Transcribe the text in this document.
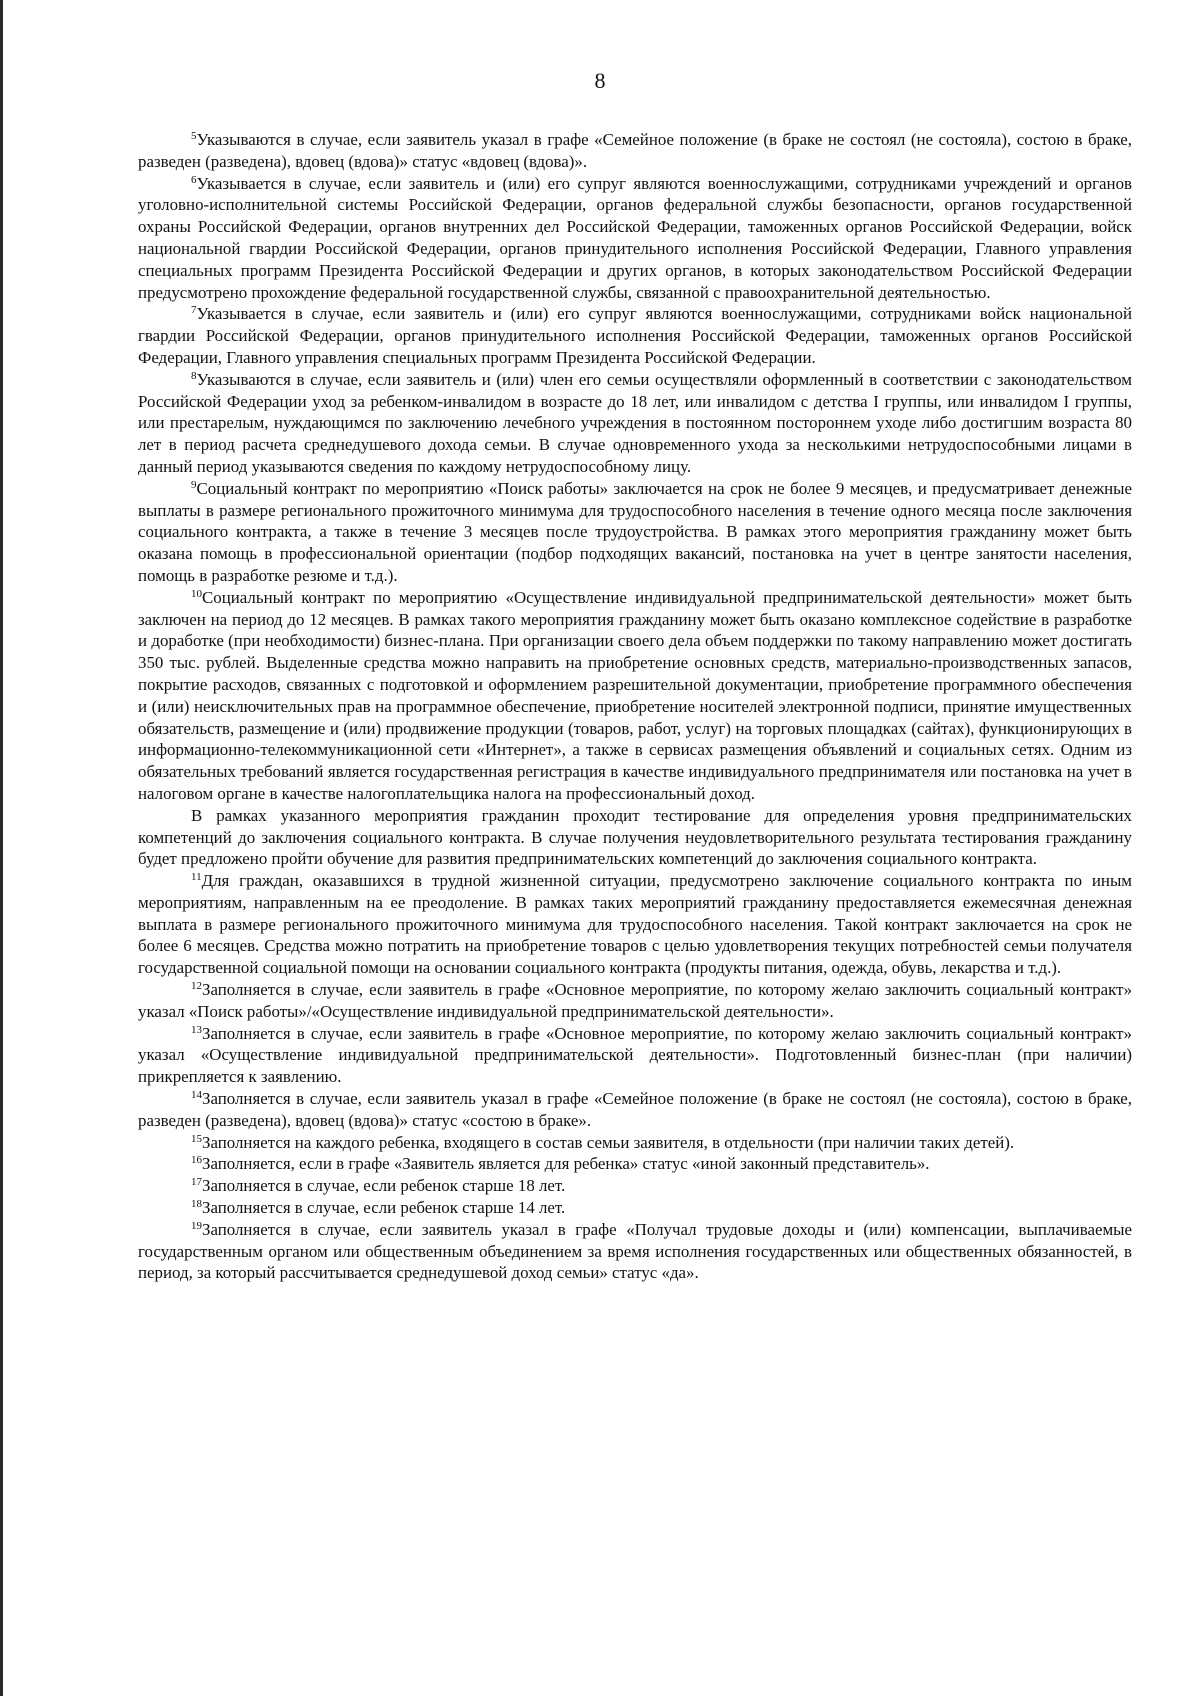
8

$^5$Указываются в случае, если заявитель указал в графе «Семейное положение (в браке не состоял (не состояла), состою в браке, разведен (разведена), вдовец (вдова)» статус «вдовец (вдова)».

$^6$Указывается в случае, если заявитель и (или) его супруг являются военнослужащими, сотрудниками учреждений и органов уголовно-исполнительной системы Российской Федерации, органов федеральной службы безопасности, органов государственной охраны Российской Федерации, органов внутренних дел Российской Федерации, таможенных органов Российской Федерации, войск национальной гвардии Российской Федерации, органов принудительного исполнения Российской Федерации, Главного управления специальных программ Президента Российской Федерации и других органов, в которых законодательством Российской Федерации предусмотрено прохождение федеральной государственной службы, связанной с правоохранительной деятельностью.

$^7$Указывается в случае, если заявитель и (или) его супруг являются военнослужащими, сотрудниками войск национальной гвардии Российской Федерации, органов принудительного исполнения Российской Федерации, таможенных органов Российской Федерации, Главного управления специальных программ Президента Российской Федерации.

$^8$Указываются в случае, если заявитель и (или) член его семьи осуществляли оформленный в соответствии с законодательством Российской Федерации уход за ребенком-инвалидом в возрасте до 18 лет, или инвалидом с детства I группы, или инвалидом I группы, или престарелым, нуждающимся по заключению лечебного учреждения в постоянном постороннем уходе либо достигшим возраста 80 лет в период расчета среднедушевого дохода семьи. В случае одновременного ухода за несколькими нетрудоспособными лицами в данный период указываются сведения по каждому нетрудоспособному лицу.

$^9$Социальный контракт по мероприятию «Поиск работы» заключается на срок не более 9 месяцев, и предусматривает денежные выплаты в размере регионального прожиточного минимума для трудоспособного населения в течение одного месяца после заключения социального контракта, а также в течение 3 месяцев после трудоустройства. В рамках этого мероприятия гражданину может быть оказана помощь в профессиональной ориентации (подбор подходящих вакансий, постановка на учет в центре занятости населения, помощь в разработке резюме и т.д.).

$^{10}$Социальный контракт по мероприятию «Осуществление индивидуальной предпринимательской деятельности» может быть заключен на период до 12 месяцев. В рамках такого мероприятия гражданину может быть оказано комплексное содействие в разработке и доработке (при необходимости) бизнес-плана. При организации своего дела объем поддержки по такому направлению может достигать 350 тыс. рублей. Выделенные средства можно направить на приобретение основных средств, материально-производственных запасов, покрытие расходов, связанных с подготовкой и оформлением разрешительной документации, приобретение программного обеспечения и (или) неисключительных прав на программное обеспечение, приобретение носителей электронной подписи, принятие имущественных обязательств, размещение и (или) продвижение продукции (товаров, работ, услуг) на торговых площадках (сайтах), функционирующих в информационно-телекоммуникационной сети «Интернет», а также в сервисах размещения объявлений и социальных сетях. Одним из обязательных требований является государственная регистрация в качестве индивидуального предпринимателя или постановка на учет в налоговом органе в качестве налогоплательщика налога на профессиональный доход.

В рамках указанного мероприятия гражданин проходит тестирование для определения уровня предпринимательских компетенций до заключения социального контракта. В случае получения неудовлетворительного результата тестирования гражданину будет предложено пройти обучение для развития предпринимательских компетенций до заключения социального контракта.

$^{11}$Для граждан, оказавшихся в трудной жизненной ситуации, предусмотрено заключение социального контракта по иным мероприятиям, направленным на ее преодоление. В рамках таких мероприятий гражданину предоставляется ежемесячная денежная выплата в размере регионального прожиточного минимума для трудоспособного населения. Такой контракт заключается на срок не более 6 месяцев. Средства можно потратить на приобретение товаров с целью удовлетворения текущих потребностей семьи получателя государственной социальной помощи на основании социального контракта (продукты питания, одежда, обувь, лекарства и т.д.).

$^{12}$Заполняется в случае, если заявитель в графе «Основное мероприятие, по которому желаю заключить социальный контракт» указал «Поиск работы»/«Осуществление индивидуальной предпринимательской деятельности».

$^{13}$Заполняется в случае, если заявитель в графе «Основное мероприятие, по которому желаю заключить социальный контракт» указал «Осуществление индивидуальной предпринимательской деятельности». Подготовленный бизнес-план (при наличии) прикрепляется к заявлению.

$^{14}$Заполняется в случае, если заявитель указал в графе «Семейное положение (в браке не состоял (не состояла), состою в браке, разведен (разведена), вдовец (вдова)» статус «состою в браке».

$^{15}$Заполняется на каждого ребенка, входящего в состав семьи заявителя, в отдельности (при наличии таких детей).

$^{16}$Заполняется, если в графе «Заявитель является для ребенка» статус «иной законный представитель».

$^{17}$Заполняется в случае, если ребенок старше 18 лет.

$^{18}$Заполняется в случае, если ребенок старше 14 лет.

$^{19}$Заполняется в случае, если заявитель указал в графе «Получал трудовые доходы и (или) компенсации, выплачиваемые государственным органом или общественным объединением за время исполнения государственных или общественных обязанностей, в период, за который рассчитывается среднедушевой доход семьи» статус «да».
